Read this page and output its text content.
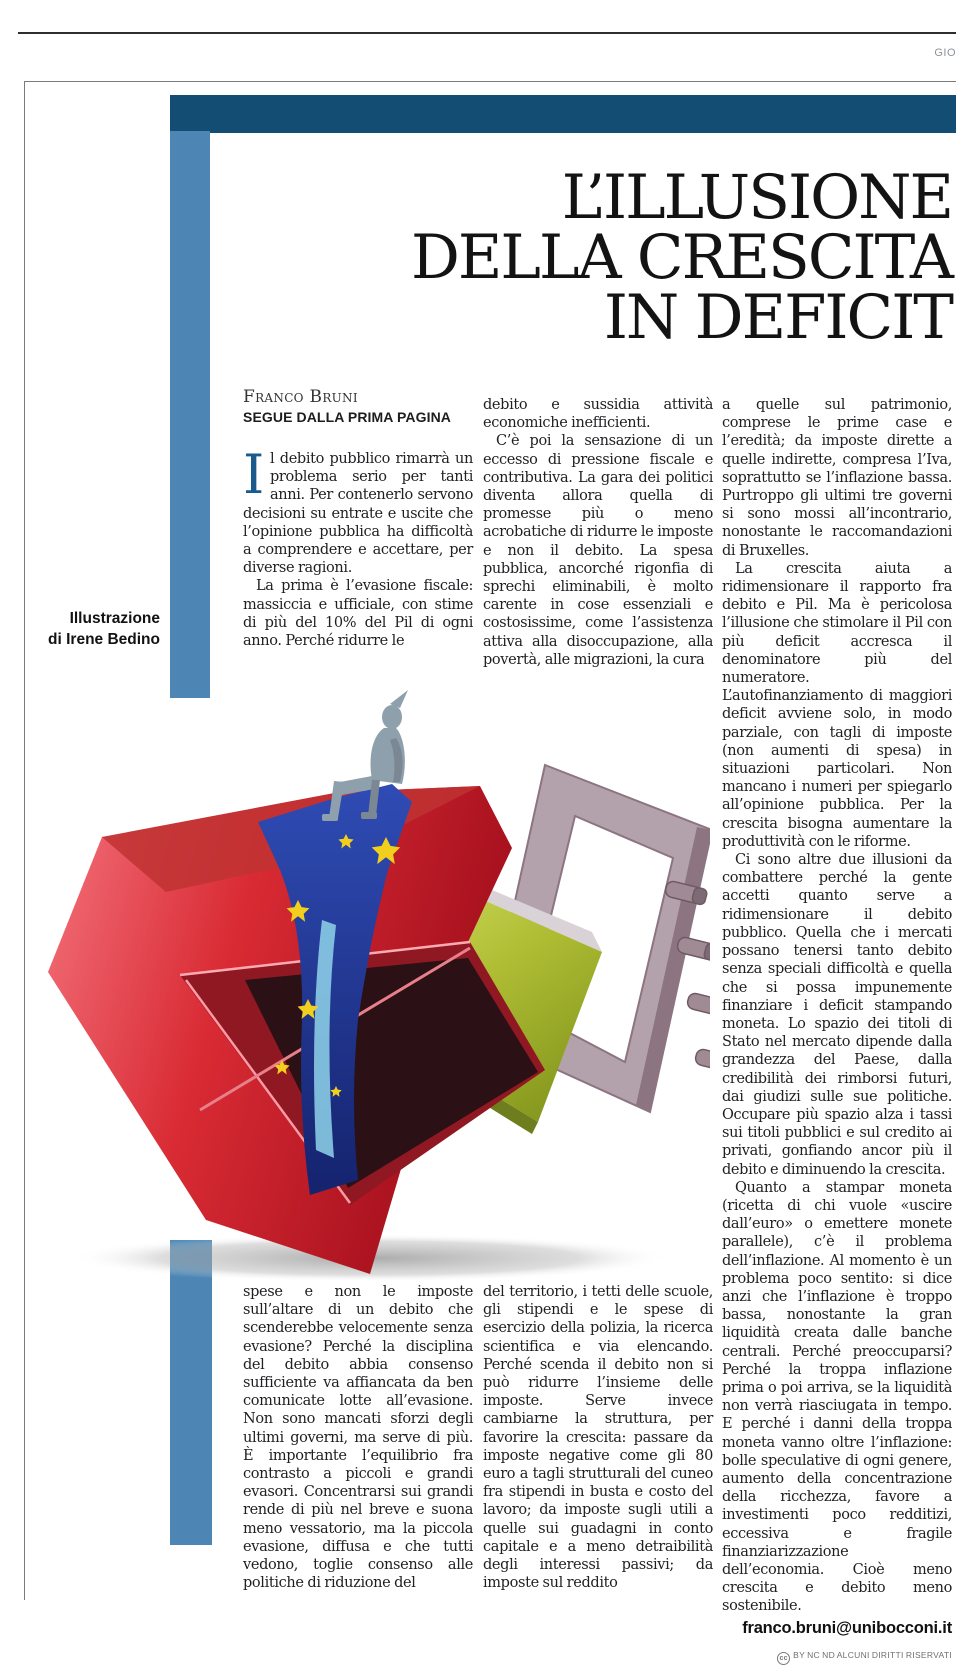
GIO
L’ILLUSIONE
DELLA CRESCITA
IN DEFICIT
Franco Bruni
SEGUE DALLA PRIMA PAGINA
Illustrazione
di Irene Bedino

Il debito pubblico rimarrà un problema serio per tanti anni. Per contenerlo servono decisioni su entrate e uscite che l’opinione pubblica ha difficoltà a comprendere e accettare, per diverse ragioni.

La prima è l’evasione fiscale: massiccia e ufficiale, con stime di più del 10% del Pil di ogni anno. Perché ridurre le

debito e sussidia attività economiche inefficienti.

C’è poi la sensazione di un eccesso di pressione fiscale e contributiva. La gara dei politici diventa allora quella di promesse più o meno acrobatiche di ridurre le imposte e non il debito. La spesa pubblica, ancorché rigonfia di sprechi eliminabili, è molto carente in cose essenziali e costosissime, come l’assistenza attiva alla disoccupazione, alla povertà, alle migrazioni, la cura

a quelle sul patrimonio, comprese le prime case e l’eredità; da imposte dirette a quelle indirette, compresa l’Iva, soprattutto se l’inflazione bassa. Purtroppo gli ultimi tre governi si sono mossi all’incontrario, nonostante le raccomandazioni di Bruxelles.

La crescita aiuta a ridimensionare il rapporto fra debito e Pil. Ma è pericolosa l’illusione che stimolare il Pil con più deficit accresca il denominatore più del numeratore. L’autofinanziamento di maggiori deficit avviene solo, in modo parziale, con tagli di imposte (non aumenti di spesa) in situazioni particolari. Non mancano i numeri per spiegarlo all’opinione pubblica. Per la crescita bisogna aumentare la produttività con le riforme.

Ci sono altre due illusioni da combattere perché la gente accetti quanto serve a ridimensionare il debito pubblico. Quella che i mercati possano tenersi tanto debito senza speciali difficoltà e quella che si possa impunemente finanziare i deficit stampando moneta. Lo spazio dei titoli di Stato nel mercato dipende dalla grandezza del Paese, dalla credibilità dei rimborsi futuri, dai giudizi sulle sue politiche. Occupare più spazio alza i tassi sui titoli pubblici e sul credito ai privati, gonfiando ancor più il debito e diminuendo la crescita.

Quanto a stampar moneta (ricetta di chi vuole «uscire dall’euro» o emettere monete parallele), c’è il problema dell’inflazione. Al momento è un problema poco sentito: si dice anzi che l’inflazione è troppo bassa, nonostante la gran liquidità creata dalle banche centrali. Perché preoccuparsi? Perché la troppa inflazione prima o poi arriva, se la liquidità non verrà riasciugata in tempo. E perché i danni della troppa moneta vanno oltre l’inflazione: bolle speculative di ogni genere, aumento della concentrazione della ricchezza, favore a investimenti poco redditizi, eccessiva e fragile finanziarizzazione dell’economia. Cioè meno crescita e debito meno sostenibile.

franco.bruni@unibocconi.it
cc BY NC ND ALCUNI DIRITTI RISERVATI

spese e non le imposte sull’altare di un debito che scenderebbe velocemente senza evasione? Perché la disciplina del debito abbia consenso sufficiente va affiancata da ben comunicate lotte all’evasione. Non sono mancati sforzi degli ultimi governi, ma serve di più. È importante l’equilibrio fra contrasto a piccoli e grandi evasori. Concentrarsi sui grandi rende di più nel breve e suona meno vessatorio, ma la piccola evasione, diffusa e che tutti vedono, toglie consenso alle politiche di riduzione del

del territorio, i tetti delle scuole, gli stipendi e le spese di esercizio della polizia, la ricerca scientifica e via elencando. Perché scenda il debito non si può ridurre l’insieme delle imposte. Serve invece cambiarne la struttura, per favorire la crescita: passare da imposte negative come gli 80 euro a tagli strutturali del cuneo fra stipendi in busta e costo del lavoro; da imposte sugli utili a quelle sui guadagni in conto capitale e a meno detraibilità degli interessi passivi; da imposte sul reddito
